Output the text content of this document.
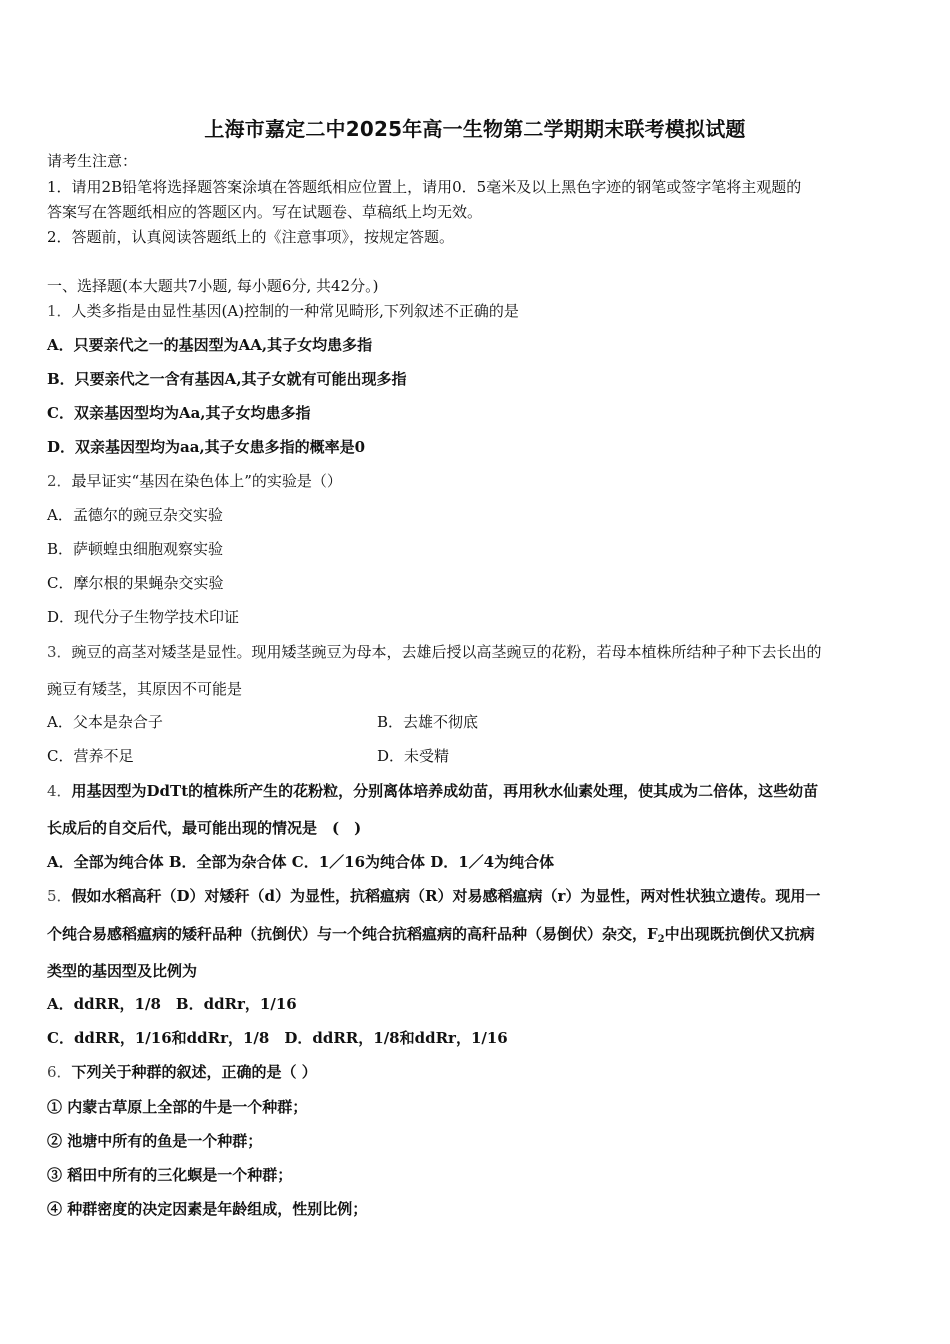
上海市嘉定二中2025年高一生物第二学期期末联考模拟试题
请考生注意：
1．请用2B铅笔将选择题答案涂填在答题纸相应位置上，请用0．5毫米及以上黑色字迹的钢笔或签字笔将主观题的
答案写在答题纸相应的答题区内。写在试题卷、草稿纸上均无效。
2．答题前，认真阅读答题纸上的《注意事项》，按规定答题。
一、选择题(本大题共7小题, 每小题6分, 共42分。)
1．人类多指是由显性基因(A)控制的一种常见畸形,下列叙述不正确的是
A．只要亲代之一的基因型为AA,其子女均患多指
B．只要亲代之一含有基因A,其子女就有可能出现多指
C．双亲基因型均为Aa,其子女均患多指
D．双亲基因型均为aa,其子女患多指的概率是0
2．最早证实“基因在染色体上”的实验是（）
A．孟德尔的豌豆杂交实验
B．萨顿蝗虫细胞观察实验
C．摩尔根的果蝇杂交实验
D．现代分子生物学技术印证
3．豌豆的高茎对矮茎是显性。现用矮茎豌豆为母本，去雄后授以高茎豌豆的花粉，若母本植株所结种子种下去长出的
豌豆有矮茎，其原因不可能是
A．父本是杂合子	B．去雄不彻底
C．营养不足	D．未受精
4．用基因型为DdTt的植株所产生的花粉粒，分别离体培养成幼苗，再用秋水仙素处理，使其成为二倍体，这些幼苗
长成后的自交后代，最可能出现的情况是　(　)
A．全部为纯合体 B．全部为杂合体 C．1／16为纯合体 D．1／4为纯合体
5．假如水稻高秆（D）对矮秆（d）为显性，抗稻瘟病（R）对易感稻瘟病（r）为显性，两对性状独立遗传。现用一
个纯合易感稻瘟病的矮秆品种（抗倒伏）与一个纯合抗稻瘟病的高秆品种（易倒伏）杂交，$F_2$中出现既抗倒伏又抗病
类型的基因型及比例为
A．ddRR，1/8　B．ddRr，1/16
C．ddRR，1/16和ddRr，1/8　D．ddRR，1/8和ddRr，1/16
6．下列关于种群的叙述，正确的是（ ）
① 内蒙古草原上全部的牛是一个种群；
② 池塘中所有的鱼是一个种群；
③ 稻田中所有的三化螟是一个种群；
④ 种群密度的决定因素是年龄组成，性别比例；
